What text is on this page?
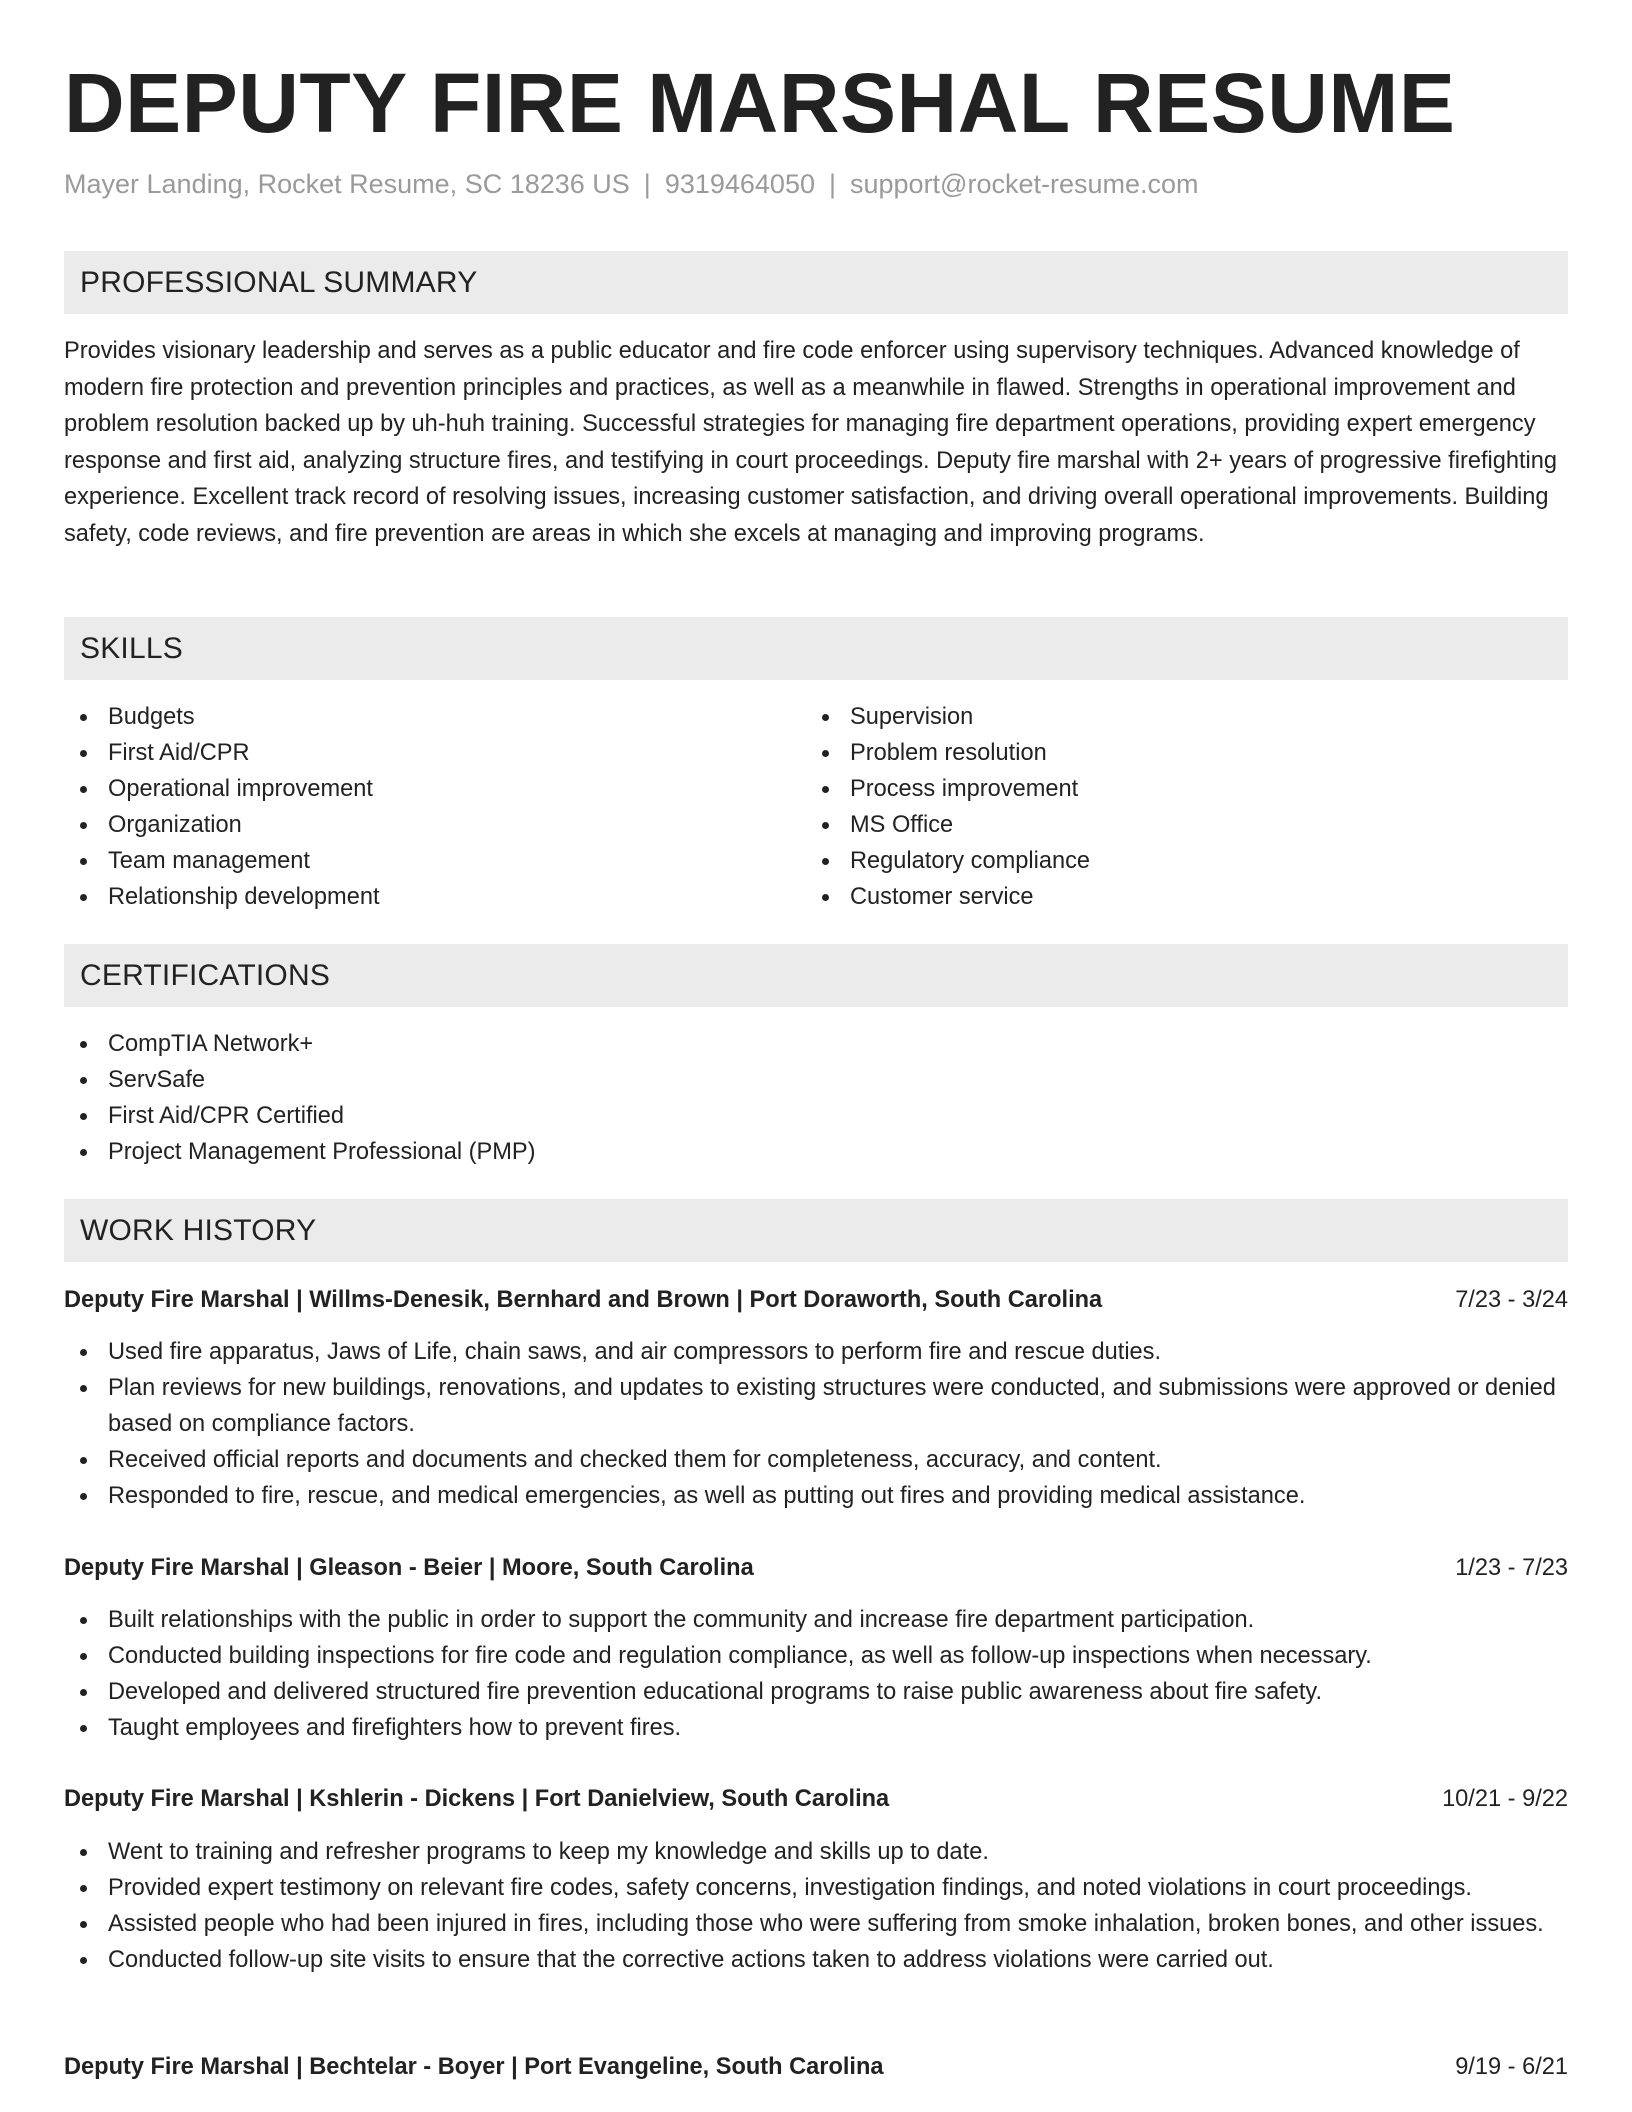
DEPUTY FIRE MARSHAL RESUME
Mayer Landing, Rocket Resume, SC 18236 US | 9319464050 | support@rocket-resume.com
PROFESSIONAL SUMMARY

Provides visionary leadership and serves as a public educator and fire code enforcer using supervisory techniques. Advanced knowledge of modern fire protection and prevention principles and practices, as well as a meanwhile in flawed. Strengths in operational improvement and problem resolution backed up by uh-huh training. Successful strategies for managing fire department operations, providing expert emergency response and first aid, analyzing structure fires, and testifying in court proceedings. Deputy fire marshal with 2+ years of progressive firefighting experience. Excellent track record of resolving issues, increasing customer satisfaction, and driving overall operational improvements. Building safety, code reviews, and fire prevention are areas in which she excels at managing and improving programs.

SKILLS
Budgets
First Aid/CPR
Operational improvement
Organization
Team management
Relationship development
Supervision
Problem resolution
Process improvement
MS Office
Regulatory compliance
Customer service
CERTIFICATIONS
CompTIA Network+
ServSafe
First Aid/CPR Certified
Project Management Professional (PMP)
WORK HISTORY
Deputy Fire Marshal | Willms-Denesik, Bernhard and Brown | Port Doraworth, South Carolina	7/23 - 3/24
Used fire apparatus, Jaws of Life, chain saws, and air compressors to perform fire and rescue duties.
Plan reviews for new buildings, renovations, and updates to existing structures were conducted, and submissions were approved or denied based on compliance factors.
Received official reports and documents and checked them for completeness, accuracy, and content.
Responded to fire, rescue, and medical emergencies, as well as putting out fires and providing medical assistance.
Deputy Fire Marshal | Gleason - Beier | Moore, South Carolina	1/23 - 7/23
Built relationships with the public in order to support the community and increase fire department participation.
Conducted building inspections for fire code and regulation compliance, as well as follow-up inspections when necessary.
Developed and delivered structured fire prevention educational programs to raise public awareness about fire safety.
Taught employees and firefighters how to prevent fires.
Deputy Fire Marshal | Kshlerin - Dickens | Fort Danielview, South Carolina	10/21 - 9/22
Went to training and refresher programs to keep my knowledge and skills up to date.
Provided expert testimony on relevant fire codes, safety concerns, investigation findings, and noted violations in court proceedings.
Assisted people who had been injured in fires, including those who were suffering from smoke inhalation, broken bones, and other issues.
Conducted follow-up site visits to ensure that the corrective actions taken to address violations were carried out.
Deputy Fire Marshal | Bechtelar - Boyer | Port Evangeline, South Carolina	9/19 - 6/21
